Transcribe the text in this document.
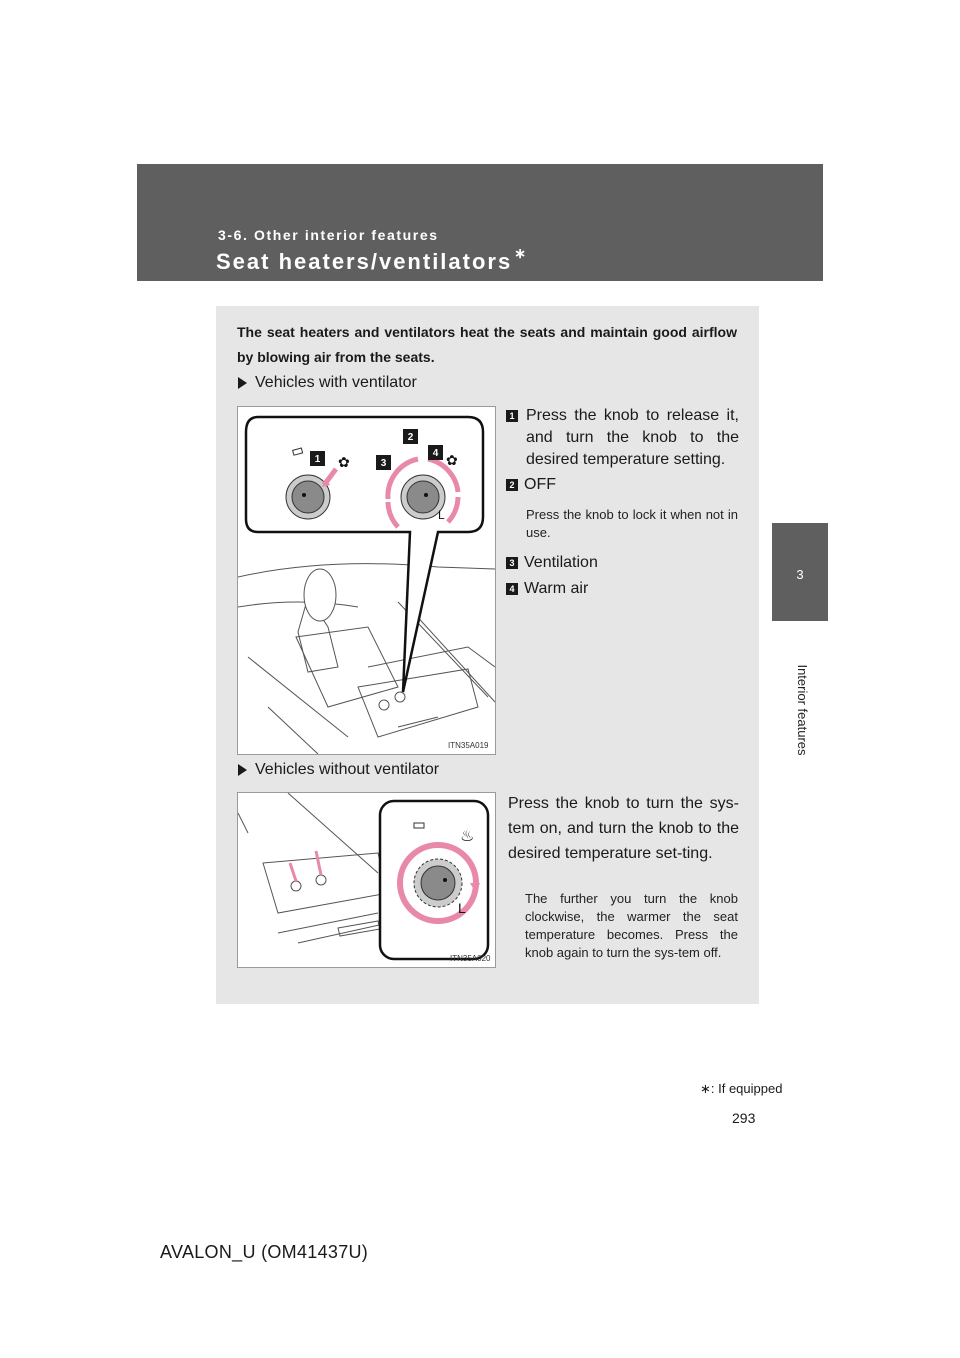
3-6. Other interior features
Seat heaters/ventilators ∗
3
Interior features
The seat heaters and ventilators heat the seats and maintain good airflow by blowing air from the seats.
Vehicles with ventilator
1 ✿
L
2
3
4 ✿
ITN35A019
1 Press the knob to release it, and turn the knob to the desired temperature setting.
2 OFF
Press the knob to lock it when not in use.
3 Ventilation
4 Warm air
Vehicles without ventilator
L
♨
ITN35A020
Press the knob to turn the sys-tem on, and turn the knob to the desired temperature set-ting.
The further you turn the knob clockwise, the warmer the seat temperature becomes. Press the knob again to turn the sys-tem off.
∗: If equipped
293
AVALON_U (OM41437U)
